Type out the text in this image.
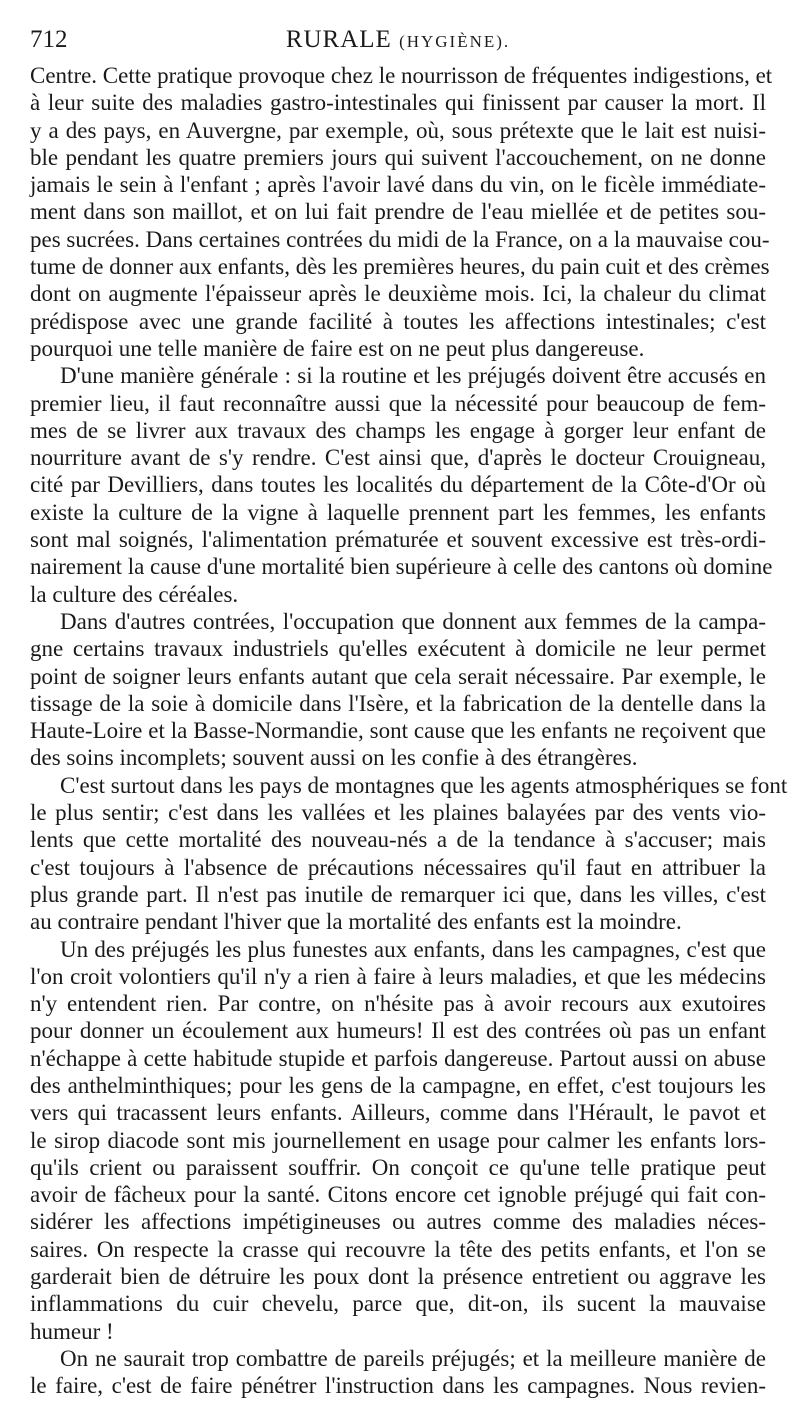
712	RURALE (HYGIÈNE).
Centre. Cette pratique provoque chez le nourrisson de fréquentes indigestions, et
à leur suite des maladies gastro-intestinales qui finissent par causer la mort. Il
y a des pays, en Auvergne, par exemple, où, sous prétexte que le lait est nuisi-
ble pendant les quatre premiers jours qui suivent l'accouchement, on ne donne
jamais le sein à l'enfant ; après l'avoir lavé dans du vin, on le ficèle immédiate-
ment dans son maillot, et on lui fait prendre de l'eau miellée et de petites sou-
pes sucrées. Dans certaines contrées du midi de la France, on a la mauvaise cou-
tume de donner aux enfants, dès les premières heures, du pain cuit et des crèmes
dont on augmente l'épaisseur après le deuxième mois. Ici, la chaleur du climat
prédispose avec une grande facilité à toutes les affections intestinales; c'est
pourquoi une telle manière de faire est on ne peut plus dangereuse.
D'une manière générale : si la routine et les préjugés doivent être accusés en
premier lieu, il faut reconnaître aussi que la nécessité pour beaucoup de fem-
mes de se livrer aux travaux des champs les engage à gorger leur enfant de
nourriture avant de s'y rendre. C'est ainsi que, d'après le docteur Crouigneau,
cité par Devilliers, dans toutes les localités du département de la Côte-d'Or où
existe la culture de la vigne à laquelle prennent part les femmes, les enfants
sont mal soignés, l'alimentation prématurée et souvent excessive est très-ordi-
nairement la cause d'une mortalité bien supérieure à celle des cantons où domine
la culture des céréales.
Dans d'autres contrées, l'occupation que donnent aux femmes de la campa-
gne certains travaux industriels qu'elles exécutent à domicile ne leur permet
point de soigner leurs enfants autant que cela serait nécessaire. Par exemple, le
tissage de la soie à domicile dans l'Isère, et la fabrication de la dentelle dans la
Haute-Loire et la Basse-Normandie, sont cause que les enfants ne reçoivent que
des soins incomplets; souvent aussi on les confie à des étrangères.
C'est surtout dans les pays de montagnes que les agents atmosphériques se font
le plus sentir; c'est dans les vallées et les plaines balayées par des vents vio-
lents que cette mortalité des nouveau-nés a de la tendance à s'accuser; mais
c'est toujours à l'absence de précautions nécessaires qu'il faut en attribuer la
plus grande part. Il n'est pas inutile de remarquer ici que, dans les villes, c'est
au contraire pendant l'hiver que la mortalité des enfants est la moindre.
Un des préjugés les plus funestes aux enfants, dans les campagnes, c'est que
l'on croit volontiers qu'il n'y a rien à faire à leurs maladies, et que les médecins
n'y entendent rien. Par contre, on n'hésite pas à avoir recours aux exutoires
pour donner un écoulement aux humeurs! Il est des contrées où pas un enfant
n'échappe à cette habitude stupide et parfois dangereuse. Partout aussi on abuse
des anthelminthiques; pour les gens de la campagne, en effet, c'est toujours les
vers qui tracassent leurs enfants. Ailleurs, comme dans l'Hérault, le pavot et
le sirop diacode sont mis journellement en usage pour calmer les enfants lors-
qu'ils crient ou paraissent souffrir. On conçoit ce qu'une telle pratique peut
avoir de fâcheux pour la santé. Citons encore cet ignoble préjugé qui fait con-
sidérer les affections impétigineuses ou autres comme des maladies néces-
saires. On respecte la crasse qui recouvre la tête des petits enfants, et l'on se
garderait bien de détruire les poux dont la présence entretient ou aggrave les
inflammations du cuir chevelu, parce que, dit-on, ils sucent la mauvaise
humeur !
On ne saurait trop combattre de pareils préjugés; et la meilleure manière de
le faire, c'est de faire pénétrer l'instruction dans les campagnes. Nous revien-
